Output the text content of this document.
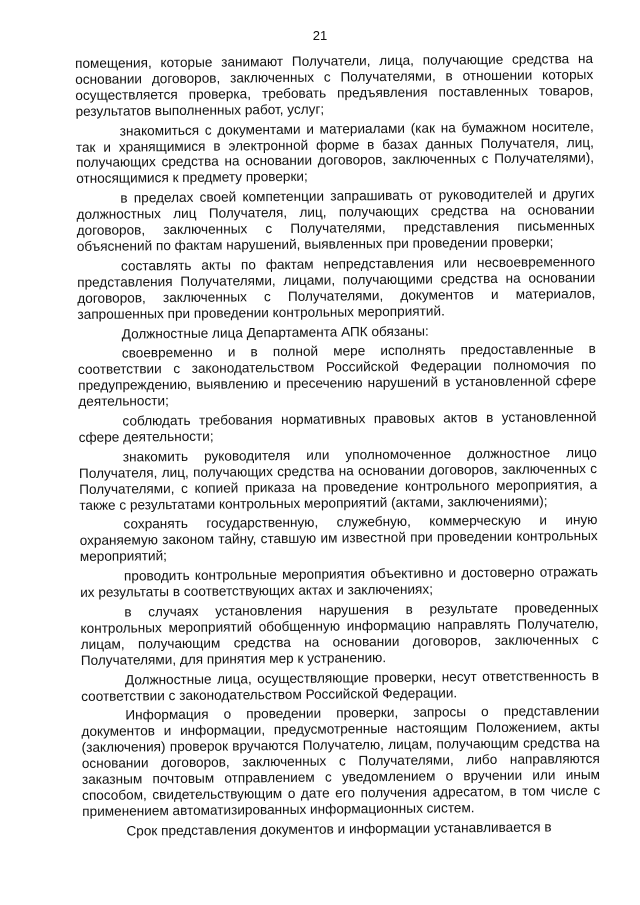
21

помещения, которые занимают Получатели, лица, получающие средства на основании договоров, заключенных с Получателями, в отношении которых осуществляется проверка, требовать предъявления поставленных товаров, результатов выполненных работ, услуг;

знакомиться с документами и материалами (как на бумажном носителе, так и хранящимися в электронной форме в базах данных Получателя, лиц, получающих средства на основании договоров, заключенных с Получателями), относящимися к предмету проверки;

в пределах своей компетенции запрашивать от руководителей и других должностных лиц Получателя, лиц, получающих средства на основании договоров, заключенных с Получателями, представления письменных объяснений по фактам нарушений, выявленных при проведении проверки;

составлять акты по фактам непредставления или несвоевременного представления Получателями, лицами, получающими средства на основании договоров, заключенных с Получателями, документов и материалов, запрошенных при проведении контрольных мероприятий.

Должностные лица Департамента АПК обязаны:

своевременно и в полной мере исполнять предоставленные в соответствии с законодательством Российской Федерации полномочия по предупреждению, выявлению и пресечению нарушений в установленной сфере деятельности;

соблюдать требования нормативных правовых актов в установленной сфере деятельности;

знакомить руководителя или уполномоченное должностное лицо Получателя, лиц, получающих средства на основании договоров, заключенных с Получателями, с копией приказа на проведение контрольного мероприятия, а также с результатами контрольных мероприятий (актами, заключениями);

сохранять государственную, служебную, коммерческую и иную охраняемую законом тайну, ставшую им известной при проведении контрольных мероприятий;

проводить контрольные мероприятия объективно и достоверно отражать их результаты в соответствующих актах и заключениях;

в случаях установления нарушения в результате проведенных контрольных мероприятий обобщенную информацию направлять Получателю, лицам, получающим средства на основании договоров, заключенных с Получателями, для принятия мер к устранению.

Должностные лица, осуществляющие проверки, несут ответственность в соответствии с законодательством Российской Федерации.

Информация о проведении проверки, запросы о представлении документов и информации, предусмотренные настоящим Положением, акты (заключения) проверок вручаются Получателю, лицам, получающим средства на основании договоров, заключенных с Получателями, либо направляются заказным почтовым отправлением с уведомлением о вручении или иным способом, свидетельствующим о дате его получения адресатом, в том числе с применением автоматизированных информационных систем.

Срок представления документов и информации устанавливается в
